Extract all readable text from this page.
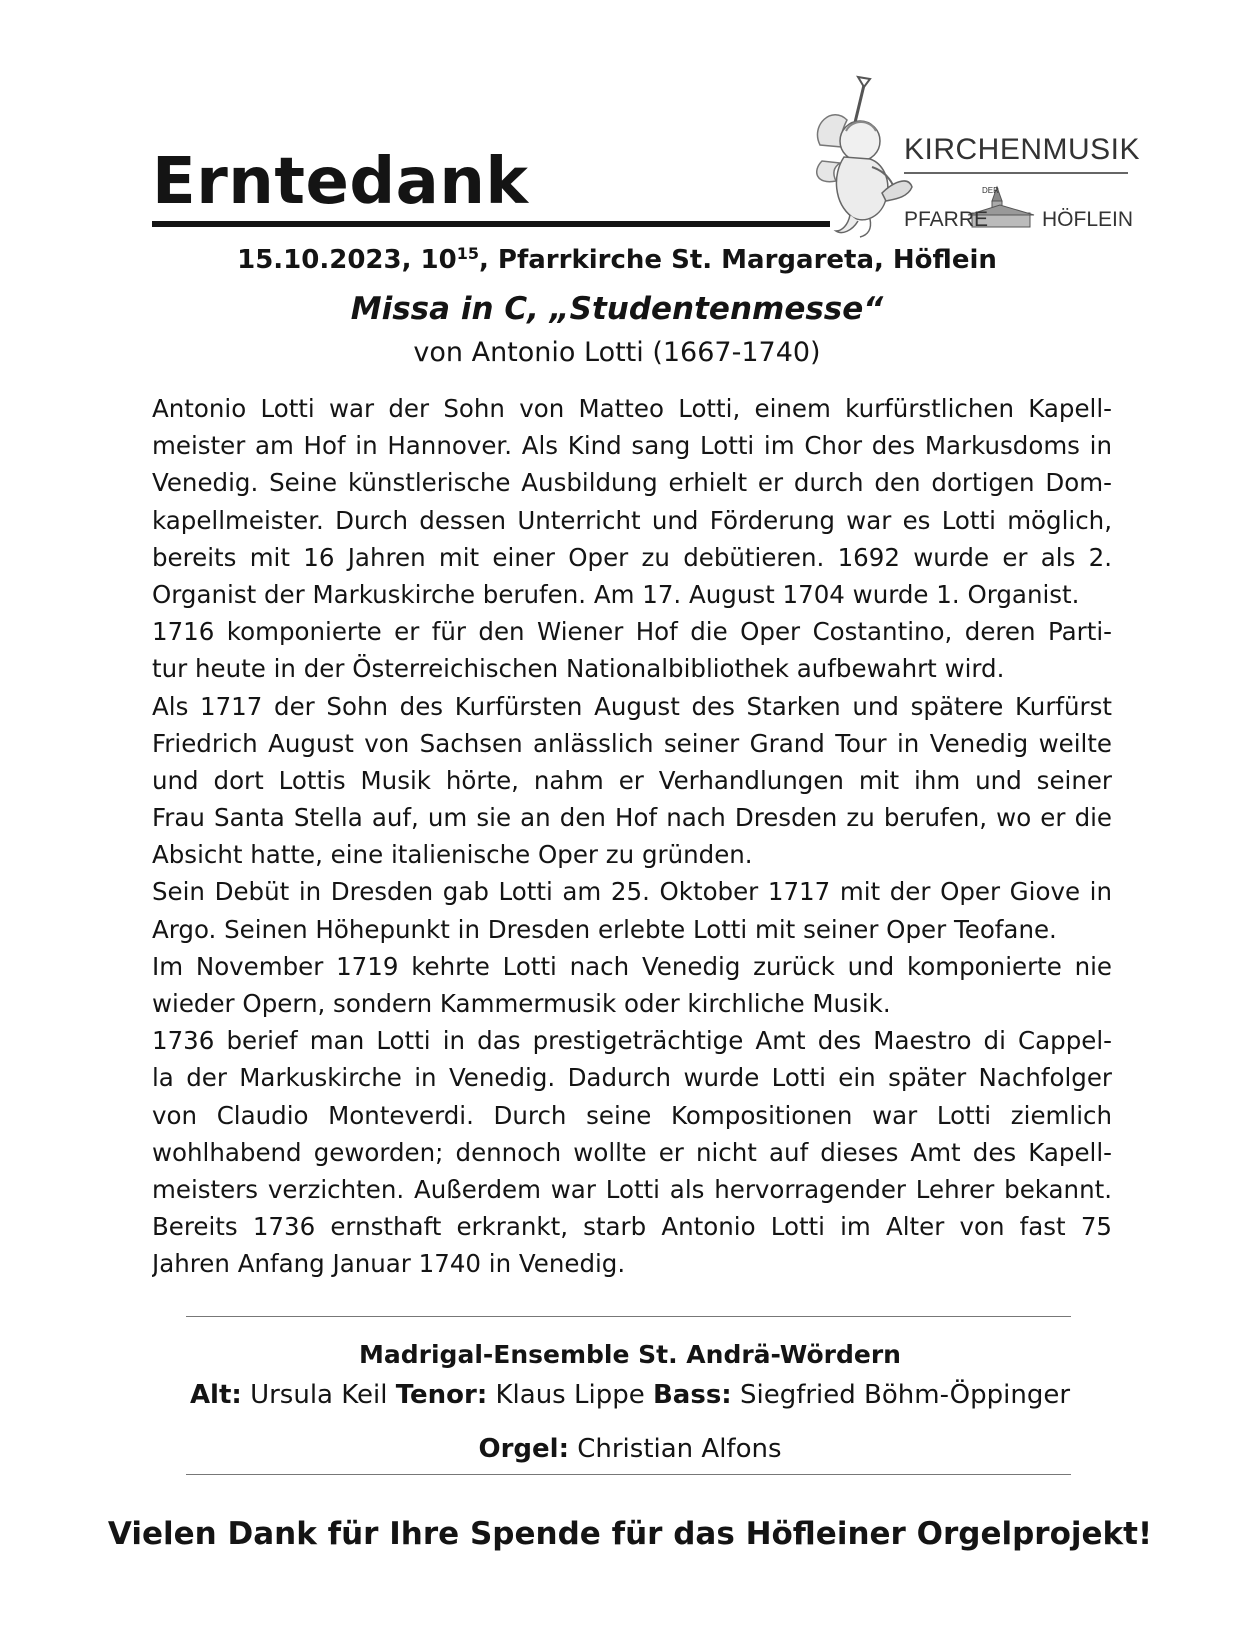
Erntedank	KIRCHENMUSIK
DER
PFARRE	HÖFLEIN
15.10.2023, $10^{15}$, Pfarrkirche St. Margareta, Höflein
Missa in C, „Studentenmesse“
von Antonio Lotti (1667-1740)
Antonio Lotti war der Sohn von Matteo Lotti, einem kurfürstlichen Kapell-
meister am Hof in Hannover. Als Kind sang Lotti im Chor des Markusdoms in
Venedig. Seine künstlerische Ausbildung erhielt er durch den dortigen Dom-
kapellmeister. Durch dessen Unterricht und Förderung war es Lotti möglich,
bereits mit 16 Jahren mit einer Oper zu debütieren. 1692 wurde er als 2.
Organist der Markuskirche berufen. Am 17. August 1704 wurde 1. Organist.
1716 komponierte er für den Wiener Hof die Oper Costantino, deren Parti-
tur heute in der Österreichischen Nationalbibliothek aufbewahrt wird.
Als 1717 der Sohn des Kurfürsten August des Starken und spätere Kurfürst
Friedrich August von Sachsen anlässlich seiner Grand Tour in Venedig weilte
und dort Lottis Musik hörte, nahm er Verhandlungen mit ihm und seiner
Frau Santa Stella auf, um sie an den Hof nach Dresden zu berufen, wo er die
Absicht hatte, eine italienische Oper zu gründen.
Sein Debüt in Dresden gab Lotti am 25. Oktober 1717 mit der Oper Giove in
Argo. Seinen Höhepunkt in Dresden erlebte Lotti mit seiner Oper Teofane.
Im November 1719 kehrte Lotti nach Venedig zurück und komponierte nie
wieder Opern, sondern Kammermusik oder kirchliche Musik.
1736 berief man Lotti in das prestigeträchtige Amt des Maestro di Cappel-
la der Markuskirche in Venedig. Dadurch wurde Lotti ein später Nachfolger
von Claudio Monteverdi. Durch seine Kompositionen war Lotti ziemlich
wohlhabend geworden; dennoch wollte er nicht auf dieses Amt des Kapell-
meisters verzichten. Außerdem war Lotti als hervorragender Lehrer bekannt.
Bereits 1736 ernsthaft erkrankt, starb Antonio Lotti im Alter von fast 75
Jahren Anfang Januar 1740 in Venedig.
Madrigal-Ensemble St. Andrä-Wördern
Alt: Ursula Keil Tenor: Klaus Lippe Bass: Siegfried Böhm-Öppinger
Orgel: Christian Alfons
Vielen Dank für Ihre Spende für das Höfleiner Orgelprojekt!
